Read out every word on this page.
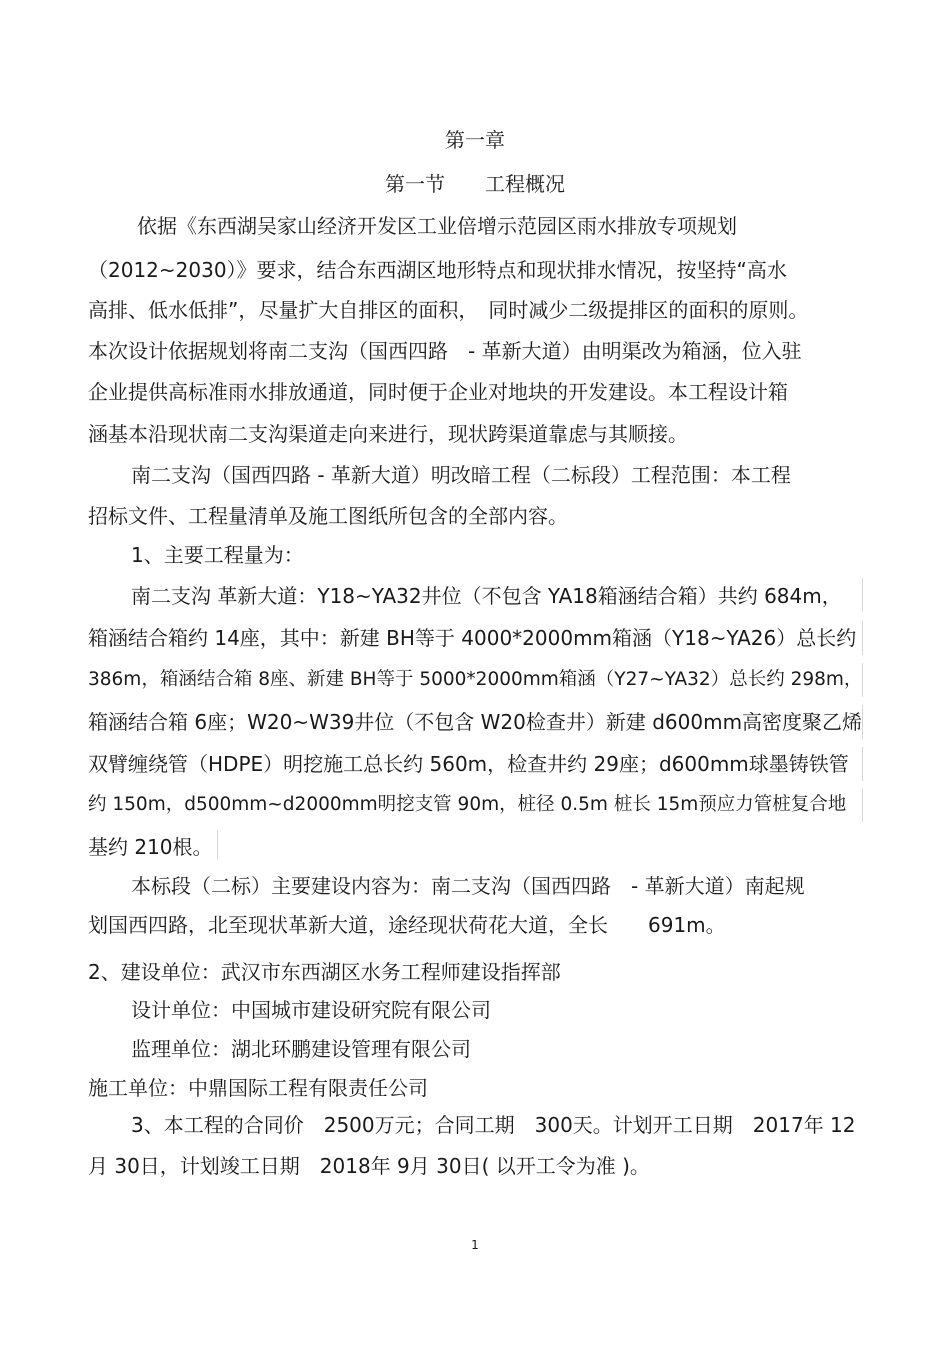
第一章
第一节　　工程概况
依据《东西湖吴家山经济开发区工业倍增示范园区雨水排放专项规划
（2012~2030）》要求，结合东西湖区地形特点和现状排水情况，按坚持“高水
高排、低水低排”，尽量扩大自排区的面积，　同时减少二级提排区的面积的原则。
本次设计依据规划将南二支沟（国西四路　- 革新大道）由明渠改为箱涵，位入驻
企业提供高标准雨水排放通道，同时便于企业对地块的开发建设。本工程设计箱
涵基本沿现状南二支沟渠道走向来进行，现状跨渠道靠虑与其顺接。
南二支沟（国西四路 - 革新大道）明改暗工程（二标段）工程范围：本工程
招标文件、工程量清单及施工图纸所包含的全部内容。
1、主要工程量为：
南二支沟 革新大道：Y18~YA32井位（不包含 YA18箱涵结合箱）共约 684m，
箱涵结合箱约 14座，其中：新建 BH等于 4000*2000mm箱涵（Y18~YA26）总长约
386m，箱涵结合箱 8座、新建 BH等于 5000*2000mm箱涵（Y27~YA32）总长约 298m，
箱涵结合箱 6座；W20~W39井位（不包含 W20检查井）新建 d600mm高密度聚乙烯
双臂缠绕管（HDPE）明挖施工总长约 560m，检查井约 29座；d600mm球墨铸铁管
约 150m，d500mm~d2000mm明挖支管 90m，桩径 0.5m 桩长 15m预应力管桩复合地
基约 210根。
本标段（二标）主要建设内容为：南二支沟（国西四路　- 革新大道）南起规
划国西四路，北至现状革新大道，途经现状荷花大道，全长　　691m。
2、建设单位：武汉市东西湖区水务工程师建设指挥部
设计单位：中国城市建设研究院有限公司
监理单位：湖北环鹏建设管理有限公司
施工单位：中鼎国际工程有限责任公司
3、本工程的合同价　2500万元；合同工期　300天。计划开工日期　2017年 12
月 30日，计划竣工日期　2018年 9月 30日( 以开工令为准 )。
1
